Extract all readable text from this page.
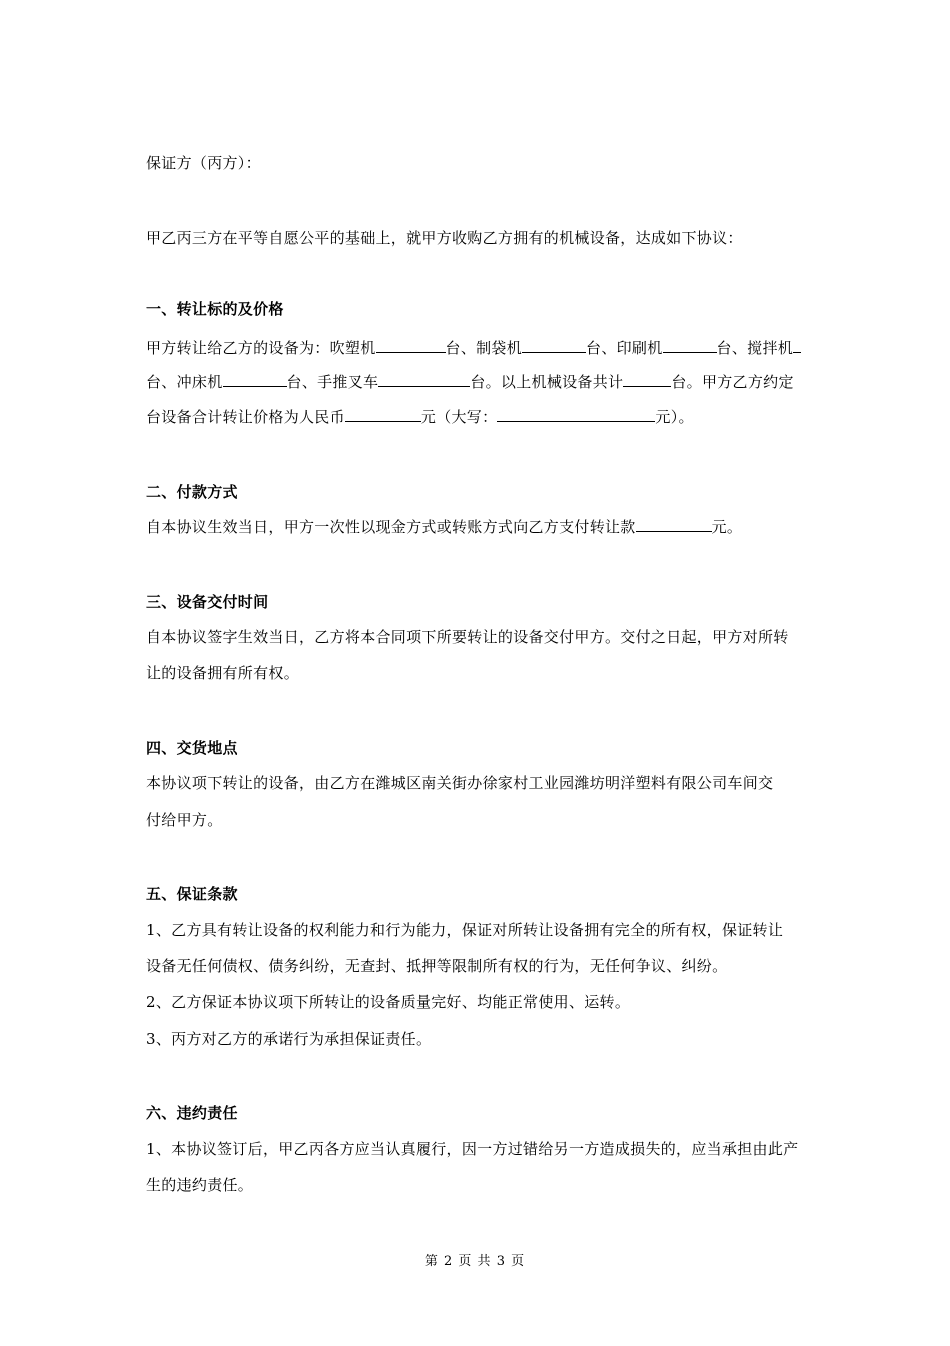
保证方（丙方）：
甲乙丙三方在平等自愿公平的基础上，就甲方收购乙方拥有的机械设备，达成如下协议：
一、转让标的及价格
甲方转让给乙方的设备为：吹塑机	台、制袋机	台、印刷机	台、搅拌机
台、冲床机	台、手推叉车	台。以上机械设备共计	台。甲方乙方约定
台设备合计转让价格为人民币	元（大写：	元）。
二、付款方式
自本协议生效当日，甲方一次性以现金方式或转账方式向乙方支付转让款	元。
三、设备交付时间
自本协议签字生效当日，乙方将本合同项下所要转让的设备交付甲方。交付之日起，甲方对所转
让的设备拥有所有权。
四、交货地点
本协议项下转让的设备，由乙方在潍城区南关街办徐家村工业园潍坊明洋塑料有限公司车间交
付给甲方。
五、保证条款
1、乙方具有转让设备的权利能力和行为能力，保证对所转让设备拥有完全的所有权，保证转让
设备无任何债权、债务纠纷，无查封、抵押等限制所有权的行为，无任何争议、纠纷。
2、乙方保证本协议项下所转让的设备质量完好、均能正常使用、运转。
3、丙方对乙方的承诺行为承担保证责任。
六、违约责任
1、本协议签订后，甲乙丙各方应当认真履行，因一方过错给另一方造成损失的，应当承担由此产
生的违约责任。
第 2 页 共 3 页
